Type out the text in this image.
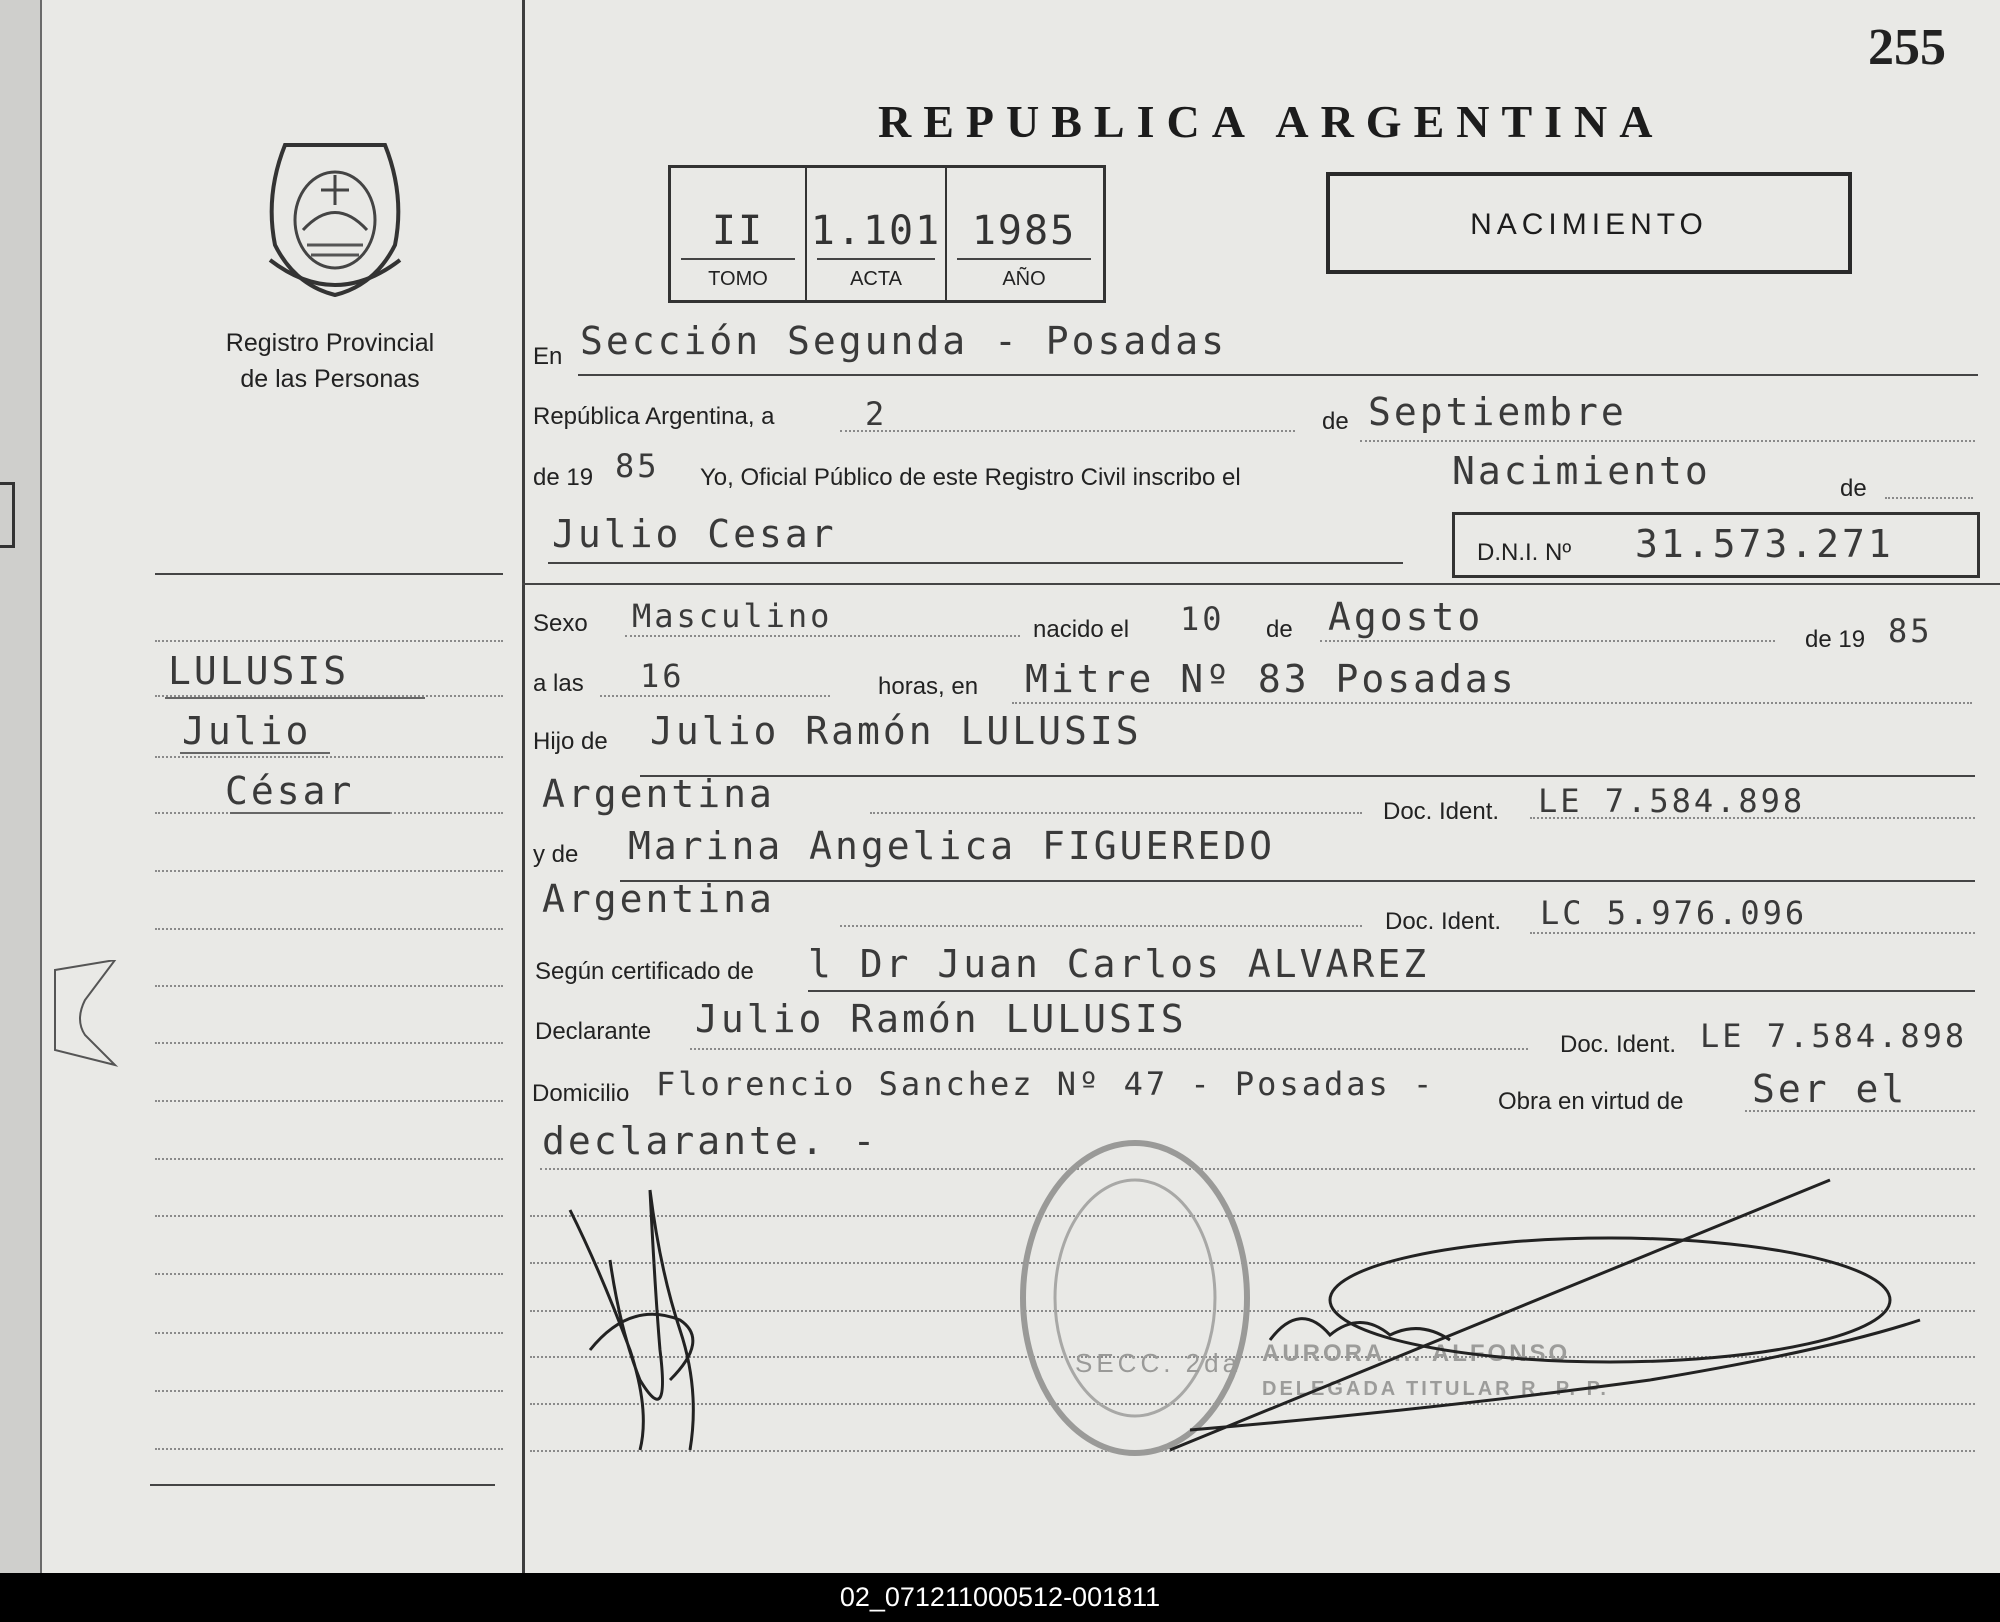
255
REPUBLICA ARGENTINA
Registro Provincial
de las Personas
II
TOMO
1.101
ACTA
1985
AÑO
NACIMIENTO
LULUSIS
Julio
César
En Sección Segunda - Posadas
República Argentina, a	2	de Septiembre
de 19 85 Yo, Oficial Público de este Registro Civil inscribo el	Nacimiento	de
Julio Cesar	D.N.I. Nº 31.573.271
Sexo Masculino	nacido el 10 de Agosto
de 19 85
a las 16	horas, en Mitre Nº 83 Posadas
Hijo de Julio Ramón LULUSIS
Argentina	Doc. Ident. LE 7.584.898
y de Marina Angelica FIGUEREDO
Argentina
Doc. Ident. LC 5.976.096
Según certificado de l Dr Juan Carlos ALVAREZ
Declarante Julio Ramón LULUSIS
Doc. Ident. LE 7.584.898
Domicilio Florencio Sanchez Nº 47 - Posadas -	Obra en virtud de Ser el
declarante. -
SECC. 2da AURORA ... ALFONSO
DELEGADA TITULAR R. P. P.
02_071211000512-001811
